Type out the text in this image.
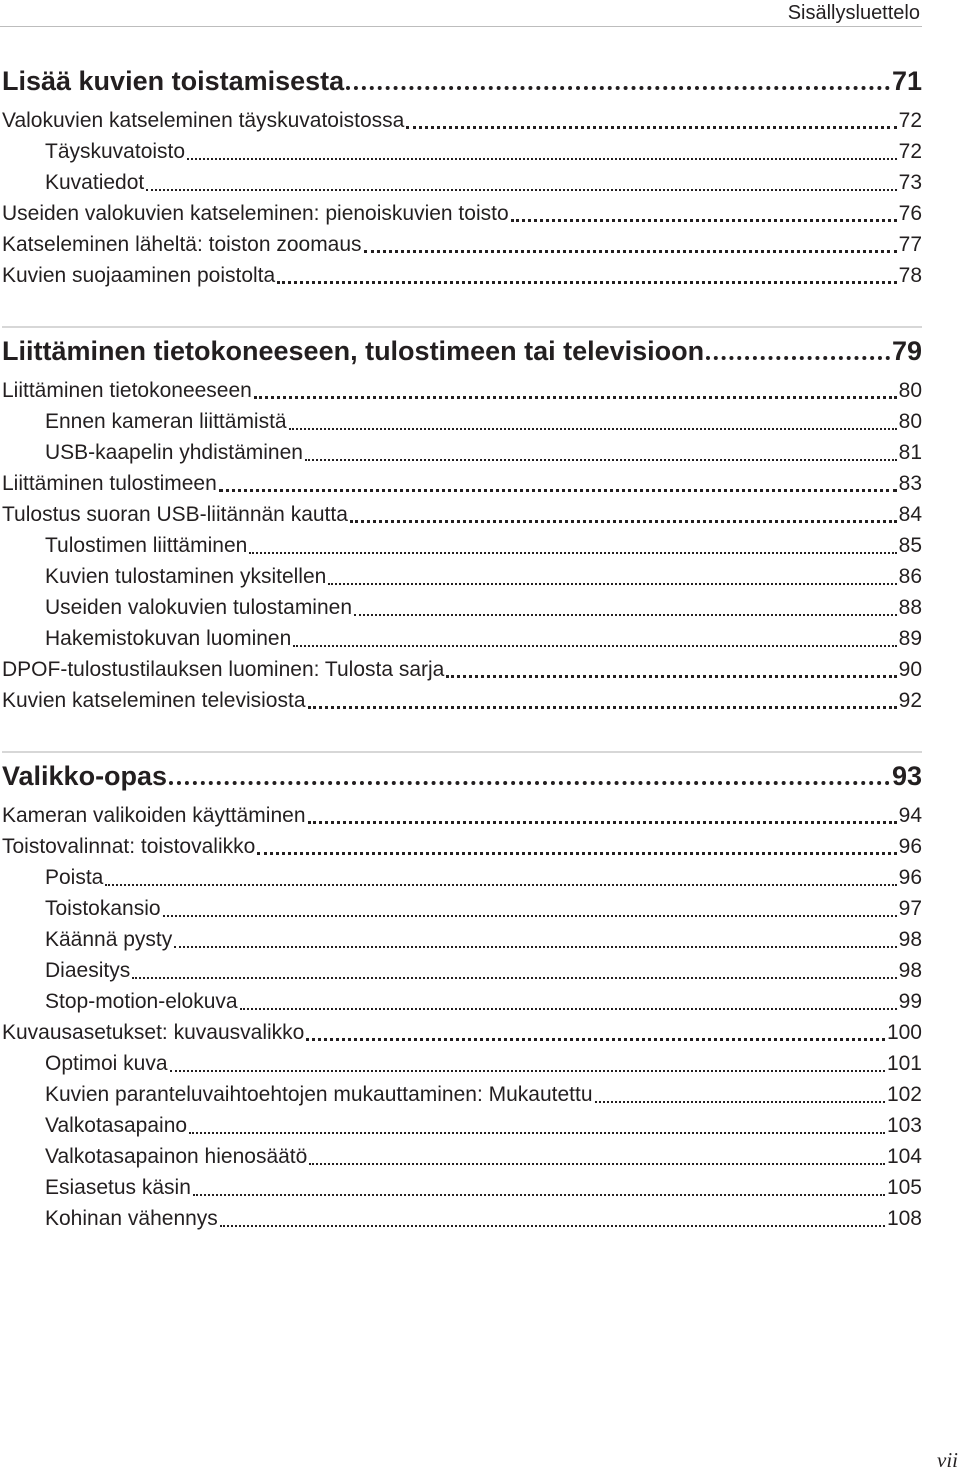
Sisällysluettelo
Lisää kuvien toistamisesta	71
Valokuvien katseleminen täyskuvatoistossa	72
Täyskuvatoisto	72
Kuvatiedot	73
Useiden valokuvien katseleminen: pienoiskuvien toisto	76
Katseleminen läheltä: toiston zoomaus	77
Kuvien suojaaminen poistolta	78
Liittäminen tietokoneeseen, tulostimeen tai televisioon	79
Liittäminen tietokoneeseen	80
Ennen kameran liittämistä	80
USB-kaapelin yhdistäminen	81
Liittäminen tulostimeen	83
Tulostus suoran USB-liitännän kautta	84
Tulostimen liittäminen	85
Kuvien tulostaminen yksitellen	86
Useiden valokuvien tulostaminen	88
Hakemistokuvan luominen	89
DPOF-tulostustilauksen luominen: Tulosta sarja	90
Kuvien katseleminen televisiosta	92
Valikko-opas	93
Kameran valikoiden käyttäminen	94
Toistovalinnat: toistovalikko	96
Poista	96
Toistokansio	97
Käännä pysty	98
Diaesitys	98
Stop-motion-elokuva	99
Kuvausasetukset: kuvausvalikko	100
Optimoi kuva	101
Kuvien paranteluvaihtoehtojen mukauttaminen: Mukautettu	102
Valkotasapaino	103
Valkotasapainon hienosäätö	104
Esiasetus käsin	105
Kohinan vähennys	108
vii
